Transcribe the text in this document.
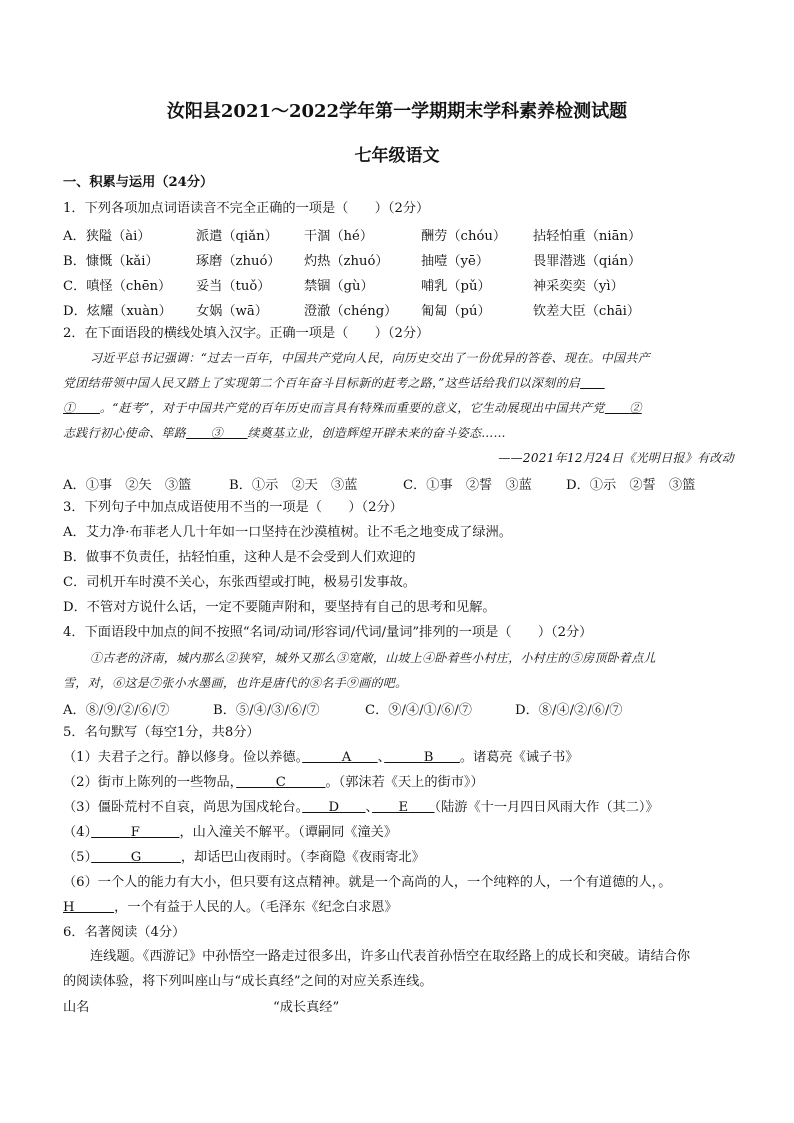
汝阳县2021～2022学年第一学期期末学科素养检测试题
七年级语文
一、积累与运用（24分）
1．下列各项加点词语读音不完全正确的一项是（　　）（2分）
A．狭隘（ài）	派遣（qiǎn） 干涸（hé）	酬劳（chóu） 拈轻怕重（niān）
B．慷慨（kǎi）	琢磨（zhuó） 灼热（zhuó） 抽噎（yē）	畏罪潜逃（qián）
C．嗔怪（chēn） 妥当（tuǒ）	禁锢（gù）	哺乳（pǔ）	神采奕奕（yì）
D．炫耀（xuàn） 女娲（wā）	澄澈（chéng） 匍匐（pú）	钦差大臣（chāi）
2．在下面语段的横线处填入汉字。正确一项是（　　）（2分）
习近平总书记强调：“过去一百年，中国共产党向人民，向历史交出了一份优异的答卷、现在。中国共产
党团结带领中国人民又踏上了实现第二个百年奋斗目标新的赶考之路，”这些话给我们以深刻的启　　
①　　 。“赶考”，对于中国共产党的百年历史而言具有特殊而重要的意义，它生动展现出中国共产党　　 ②
志践行初心使命、筚路　　 ③　　 续奠基立业，创造辉煌开辟未来的奋斗姿态……
——2021年12月24日《光明日报》有改动
A．①事　②矢　③篮	B．①示　②天　③蓝	C．①事　②誓　③蓝	D．①示　②誓　③篮
3．下列句子中加点成语使用不当的一项是（　　）（2分）
A．艾力净·布菲老人几十年如一口坚持在沙漠植树。让不毛之地变成了绿洲。
B．做事不负责任，拈轻怕重，这种人是不会受到人们欢迎的
C．司机开车时漠不关心，东张西望或打盹，极易引发事故。
D．不管对方说什么话，一定不要随声附和，要坚持有自己的思考和见解。
4．下面语段中加点的间不按照“名词/动词/形容词/代词/量词”排列的一项是（　　）（2分）
①古老的济南，城内那么②狭窄，城外又那么③宽敞，山坡上④卧着些小村庄，小村庄的⑤房顶卧着点儿
雪，对，⑥这是⑦张小水墨画，也许是唐代的⑧名手⑨画的吧。
A．⑧/⑨/②/⑥/⑦	B．⑤/④/③/⑥/⑦	C．⑨/④/①/⑥/⑦	D．⑧/④/②/⑥/⑦
5．名句默写（每空1分，共8分）
（1）夫君子之行。静以修身。俭以养德。　　　	A　　 、　　　	B　　 。诸葛亮《诫子书》
（2）街市上陈列的一些物品，　　　	C　　　	。（郭沫若《天上的街市》）
（3）僵卧荒村不自哀，尚思为国戍轮台。　　 D　　 、　　 E　　 （陆游《十一月四日风雨大作（其二）》
（4）　　　	F　　　	，山入潼关不解平。（谭嗣同《潼关》
（5）　　　	G　　　	，却话巴山夜雨时。（李商隐《夜雨寄北》
（6）一个人的能力有大小，但只要有这点精神。就是一个高尚的人，一个纯粹的人，一个有道德的人，。
H　　　	，一个有益于人民的人。（毛泽东《纪念白求恩》
6．名著阅读（4分）
连线题。《西游记》中孙悟空一路走过很多出，许多山代表首孙悟空在取经路上的成长和突破。请结合你
的阅读体验，将下列叫座山与“成长真经”之间的对应关系连线。
山名	“成长真经”
